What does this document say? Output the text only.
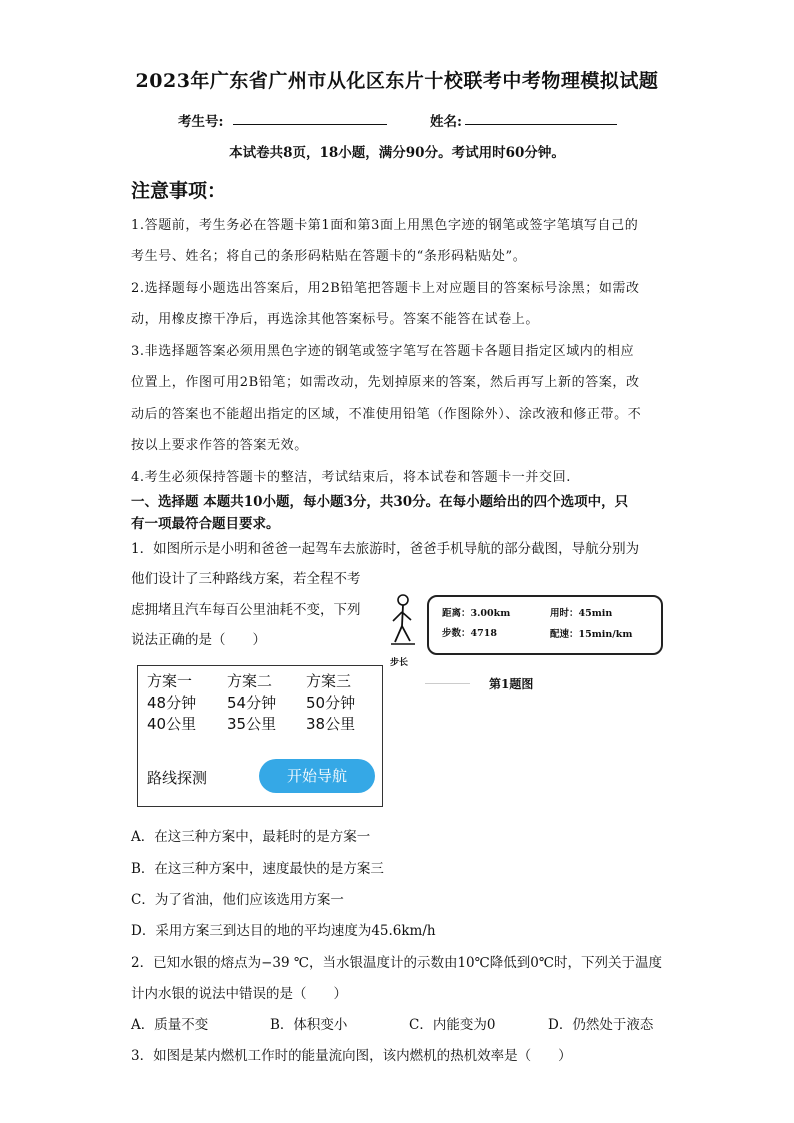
2023年广东省广州市从化区东片十校联考中考物理模拟试题
考生号:	姓名:
本试卷共8页，18小题，满分90分。考试用时60分钟。
注意事项：
1.答题前，考生务必在答题卡第1面和第3面上用黑色字迹的钢笔或签字笔填写自己的
考生号、姓名；将自己的条形码粘贴在答题卡的“条形码粘贴处”。
2.选择题每小题选出答案后，用2B铅笔把答题卡上对应题目的答案标号涂黑；如需改
动，用橡皮擦干净后，再选涂其他答案标号。答案不能答在试卷上。
3.非选择题答案必须用黑色字迹的钢笔或签字笔写在答题卡各题目指定区域内的相应
位置上，作图可用2B铅笔；如需改动，先划掉原来的答案，然后再写上新的答案，改
动后的答案也不能超出指定的区域，不准使用铅笔（作图除外）、涂改液和修正带。不
按以上要求作答的答案无效。
4.考生必须保持答题卡的整洁，考试结束后，将本试卷和答题卡一并交回.
一、选择题 本题共10小题，每小题3分，共30分。在每小题给出的四个选项中，只
有一项最符合题目要求。
1．如图所示是小明和爸爸一起驾车去旅游时，爸爸手机导航的部分截图，导航分别为
他们设计了三种路线方案，若全程不考
虑拥堵且汽车每百公里油耗不变，下列
说法正确的是（　　）
步长
距离：3.00km	用时：45min
步数：4718	配速：15min/km
第1题图
方案一 方案二 方案三
48分钟 54分钟 50分钟
40公里 35公里 38公里
路线探测	开始导航
A．在这三种方案中，最耗时的是方案一
B．在这三种方案中，速度最快的是方案三
C．为了省油，他们应该选用方案一
D．采用方案三到达目的地的平均速度为45.6km/h
2．已知水银的熔点为−39 ℃，当水银温度计的示数由10℃降低到0℃时，下列关于温度
计内水银的说法中错误的是（　　）
A．质量不变	B．体积变小	C．内能变为0	D．仍然处于液态
3．如图是某内燃机工作时的能量流向图，该内燃机的热机效率是（　　）
